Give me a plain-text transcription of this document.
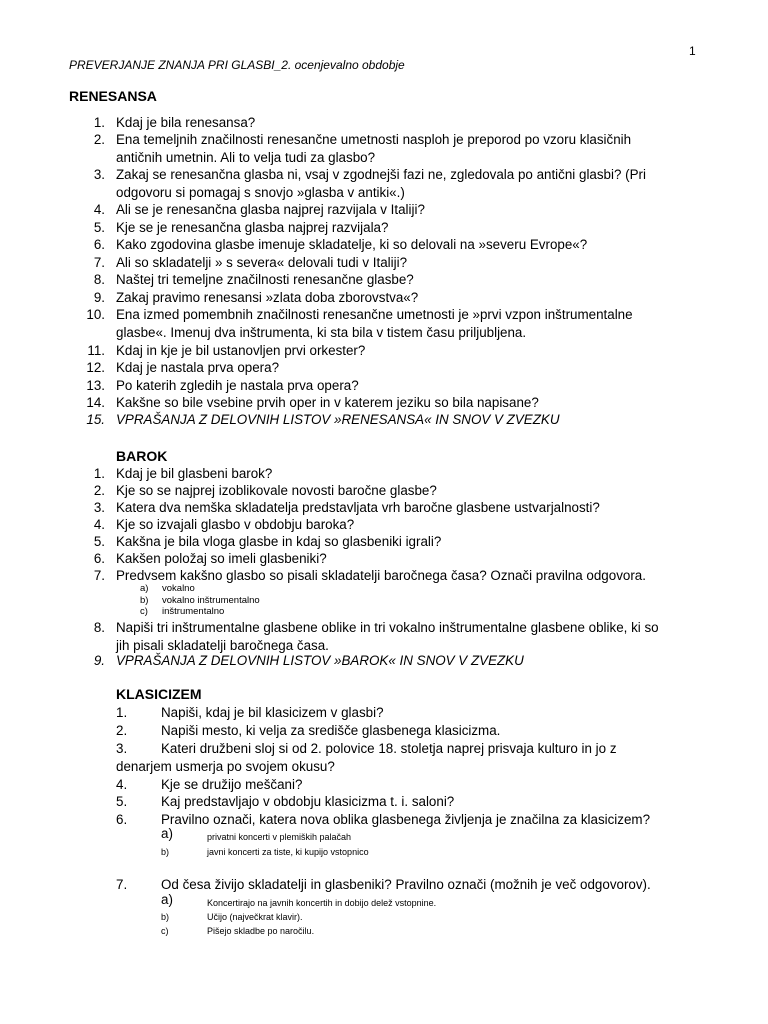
1
PREVERJANJE ZNANJA PRI GLASBI_2. ocenjevalno obdobje
RENESANSA
1. Kdaj je bila renesansa?
2. Ena temeljnih značilnosti renesančne umetnosti nasploh je preporod po vzoru klasičnih
antičnih umetnin. Ali to velja tudi za glasbo?
3. Zakaj se renesančna glasba ni, vsaj v zgodnejši fazi ne, zgledovala po antični glasbi? (Pri
odgovoru si pomagaj s snovjo »glasba v antiki«.)
4. Ali se je renesančna glasba najprej razvijala v Italiji?
5. Kje se je renesančna glasba najprej razvijala?
6. Kako zgodovina glasbe imenuje skladatelje, ki so delovali na »severu Evrope«?
7. Ali so skladatelji » s severa« delovali tudi v Italiji?
8. Naštej tri temeljne značilnosti renesančne glasbe?
9. Zakaj pravimo renesansi »zlata doba zborovstva«?
10. Ena izmed pomembnih značilnosti renesančne umetnosti je »prvi vzpon inštrumentalne
glasbe«. Imenuj dva inštrumenta, ki sta bila v tistem času priljubljena.
11. Kdaj in kje je bil ustanovljen prvi orkester?
12. Kdaj je nastala prva opera?
13. Po katerih zgledih je nastala prva opera?
14. Kakšne so bile vsebine prvih oper in v katerem jeziku so bila napisane?
15. VPRAŠANJA Z DELOVNIH LISTOV »RENESANSA« IN SNOV V ZVEZKU
BAROK
1. Kdaj je bil glasbeni barok?
2. Kje so se najprej izoblikovale novosti baročne glasbe?
3. Katera dva nemška skladatelja predstavljata vrh baročne glasbene ustvarjalnosti?
4. Kje so izvajali glasbo v obdobju baroka?
5. Kakšna je bila vloga glasbe in kdaj so glasbeniki igrali?
6. Kakšen položaj so imeli glasbeniki?
7. Predvsem kakšno glasbo so pisali skladatelji baročnega časa? Označi pravilna odgovora.
8. Napiši tri inštrumentalne glasbene oblike in tri vokalno inštrumentalne glasbene oblike, ki so
jih pisali skladatelji baročnega časa.
9. VPRAŠANJA Z DELOVNIH LISTOV »BAROK« IN SNOV V ZVEZKU
a) vokalno
b) vokalno inštrumentalno
c) inštrumentalno
KLASICIZEM
1.	Napiši, kdaj je bil klasicizem v glasbi?
2.	Napiši mesto, ki velja za središče glasbenega klasicizma.
3.	Kateri družbeni sloj si od 2. polovice 18. stoletja naprej prisvaja kulturo in jo z
denarjem usmerja po svojem okusu?
4.	Kje se družijo meščani?
5.	Kaj predstavljajo v obdobju klasicizma t. i. saloni?
6.	Pravilno označi, katera nova oblika glasbenega življenja je značilna za klasicizem?
7.	Od česa živijo skladatelji in glasbeniki? Pravilno označi (možnih je več odgovorov).
a)	privatni koncerti v plemiških palačah
b)	javni koncerti za tiste, ki kupijo vstopnico
a)	Koncertirajo na javnih koncertih in dobijo delež vstopnine.
b)	Učijo (največkrat klavir).
c)	Pišejo skladbe po naročilu.
